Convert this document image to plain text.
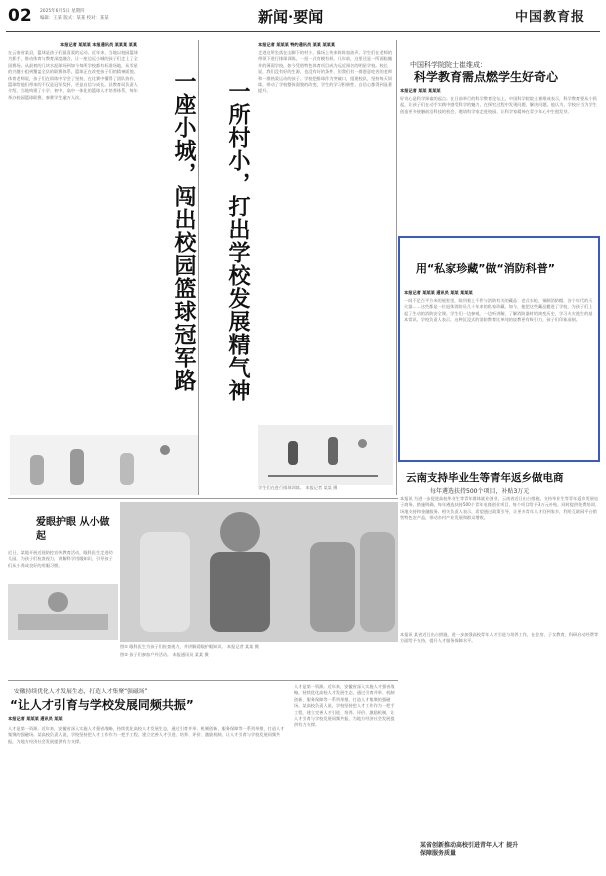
02 2025年6月5日 星期四
编辑：王某 版式：某某 校对：某某	新闻·要闻	中国教育报
本报记者 某某某 本报通讯员 某某某 某某
一座小城，闯出校园篮球冠军路
在云南省某县，篮球是孩子们最喜爱的运动。近年来，当地以校园篮球为抓手，推动体育与教育深度融合，让一座边远小城的孩子们走上了全国赛场。从最初的几块水泥球场到如今每所学校都有标准场地，从零星的兴趣小组到覆盖全县的联赛体系，篮球正在改变孩子们的精神面貌。体育老师说，孩子们在训练中学会了坚持，在比赛中懂得了团队协作，篮球给他们带来的不仅是冠军奖杯，更是自信与成长。县教育局负责人介绍，当地构建了小学、初中、高中一体化的篮球人才培养体系，每年举办校园篮球联赛，参赛学生逾万人次。	一所村小，打出学校发展精气神
本报记者 某某某 特约通讯员 某某 某某某
走进这所坐落在山脚下的村小，操场上传来阵阵加油声。学生们在老师的带领下进行排球训练，一招一式有模有样。几年前，这里还是一所面临撤并的薄弱学校，如今凭借特色体育项目成为远近闻名的明星学校。校长说，我们没有好的生源，也没有好的条件，但我们有一群愿意吃苦的老师和一群热爱运动的孩子。学校把排球作为突破口，组建校队，坚持每天训练，带动了学校整体面貌的改变，学生的学习积极性、自信心都得到显著提升。
学生们在进行排球训练。 本报记者 某某 摄
中国科学院院士崔维成：
科学教育需点燃学生好奇心
本报记者 某某 某某某
好奇心是科学探索的起点。在日前举行的科学教育论坛上，中国科学院院士崔维成表示，科学教育要从小抓起，让孩子们在动手实践中感受科学的魅力，在探究过程中发现问题、解决问题。他认为，学校应当为学生创造更多接触前沿科技的机会，邀请科学家走进校园，让科学家精神在青少年心中生根发芽。
用“私家珍藏”做“消防科普”
本报记者 某某某 通讯员 某某 某某某
一间不足百平方米的展室里，陈列着上千件与消防有关的藏品：老式水枪、铜制消防帽、各个年代的灭火器……这些都是一位退休消防员几十年来的私家珍藏。如今，他把这些藏品搬进了学校，为孩子们上起了生动的消防安全课。学生们一边参观，一边听讲解，了解消防器材的演变历史，学习火灾逃生的基本常识。学校负责人表示，这种沉浸式的消防教育比单纯的说教更有吸引力，孩子们印象深刻。
云南支持毕业生等青年返乡做电商
每年遴选扶持500个项目，补贴3万元
本报讯 为进一步促进高校毕业生等青年群体就业创业，云南省近日出台措施，支持毕业生等青年返乡发展电子商务。措施明确，每年遴选扶持500个青年电商创业项目，每个项目给予3万元补贴，同时提供免费培训、场地支持和金融服务。相关负责人表示，希望通过政策引导，让更多青年人才回到家乡，利用互联网平台销售特色农产品，带动乡村产业发展和群众增收。
爱眼护眼 从小做起
近日，某地开展近视防控宣传教育活动，眼科医生走进幼儿园，为孩子们检查视力，讲解科学用眼知识，引导孩子们从小养成良好的用眼习惯。
图① 眼科医生为孩子们检查视力，并讲解爱眼护眼知识。 本报记者 某某 摄
图② 孩子们参加户外活动。 本报通讯员 某某 摄
安徽持续优化人才发展生态，打造人才集聚“强磁场”
“让人才引育与学校发展同频共振”
本报记者 某某某 通讯员 某某
人才是第一资源。近年来，安徽省深入实施人才强省战略，持续优化高校人才发展生态，通过引育并举、机制创新、服务保障等一系列举措，打造人才集聚的强磁场。某高校负责人说，学校坚持把人才工作作为一把手工程，建立完善人才引进、培养、评价、激励机制，让人才引育与学校发展同频共振，为地方经济社会发展提供有力支撑。
人才是第一资源。近年来，安徽省深入实施人才强省战略，持续优化高校人才发展生态，通过引育并举、机制创新、服务保障等一系列举措，打造人才集聚的强磁场。某高校负责人说，学校坚持把人才工作作为一把手工程，建立完善人才引进、培养、评价、激励机制，让人才引育与学校发展同频共振，为地方经济社会发展提供有力支撑。
本报讯 某省近日出台措施，进一步加强高校青年人才引进与培养工作，在住房、子女教育、科研启动经费等方面给予支持，提升人才服务保障水平。
某省创新推动高校引进青年人才 提升保障服务质量
